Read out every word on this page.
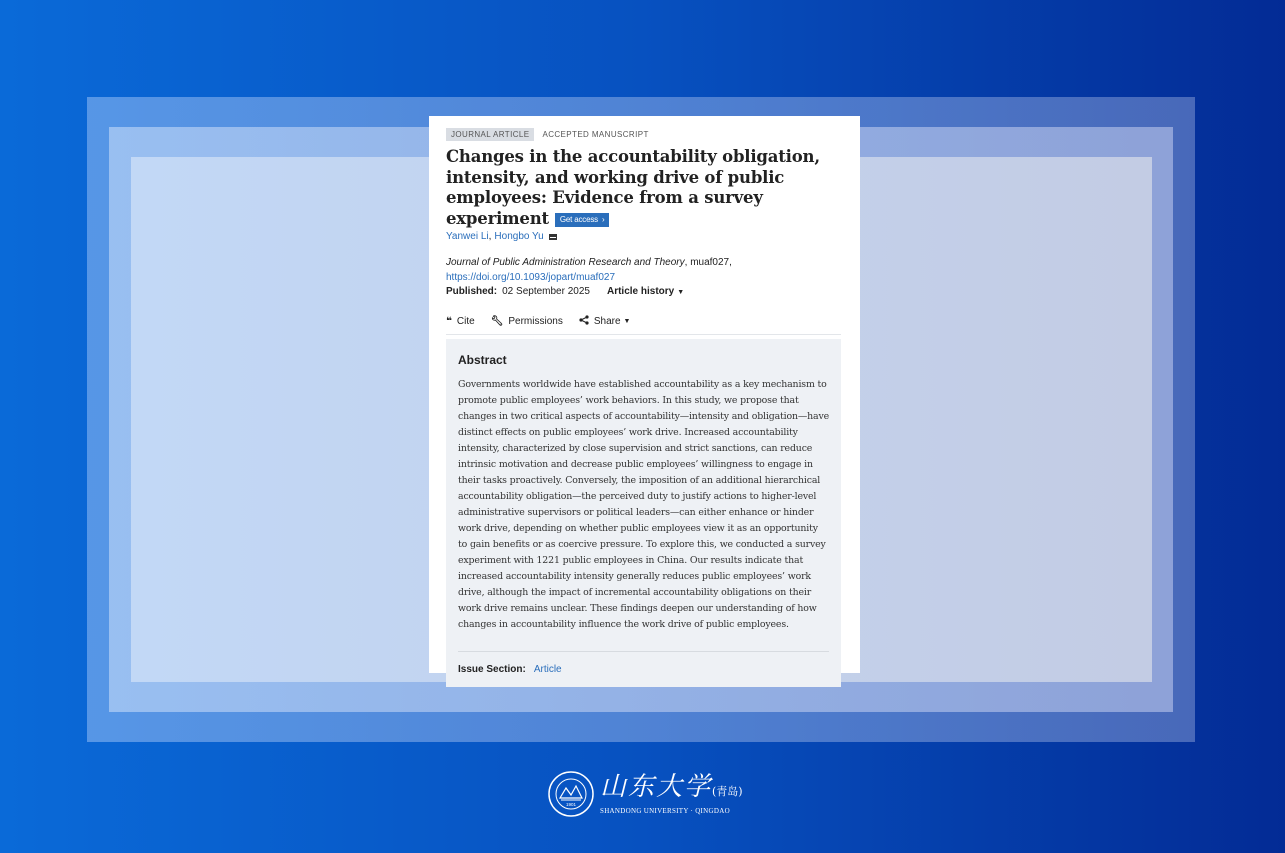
JOURNAL ARTICLE	ACCEPTED MANUSCRIPT
Changes in the accountability obligation, intensity, and working drive of public employees: Evidence from a survey experiment Get access ›
Yanwei Li , Hongbo Yu
Journal of Public Administration Research and Theory, muaf027,
https://doi.org/10.1093/jopart/muaf027
Published: 02 September 2025 Article history ▼
❝ Cite 🔧︎ Permissions	Share ▼
Abstract
Governments worldwide have established accountability as a key mechanism to promote public employees’ work behaviors. In this study, we propose that changes in two critical aspects of accountability—intensity and obligation—have distinct effects on public employees’ work drive. Increased accountability intensity, characterized by close supervision and strict sanctions, can reduce intrinsic motivation and decrease public employees’ willingness to engage in their tasks proactively. Conversely, the imposition of an additional hierarchical accountability obligation—the perceived duty to justify actions to higher-level administrative supervisors or political leaders—can either enhance or hinder work drive, depending on whether public employees view it as an opportunity to gain benefits or as coercive pressure. To explore this, we conducted a survey experiment with 1221 public employees in China. Our results indicate that increased accountability intensity generally reduces public employees’ work drive, although the impact of incremental accountability obligations on their work drive remains unclear. These findings deepen our understanding of how changes in accountability influence the work drive of public employees.
Issue Section: Article
1901
山东大学(青岛)
SHANDONG UNIVERSITY · QINGDAO
